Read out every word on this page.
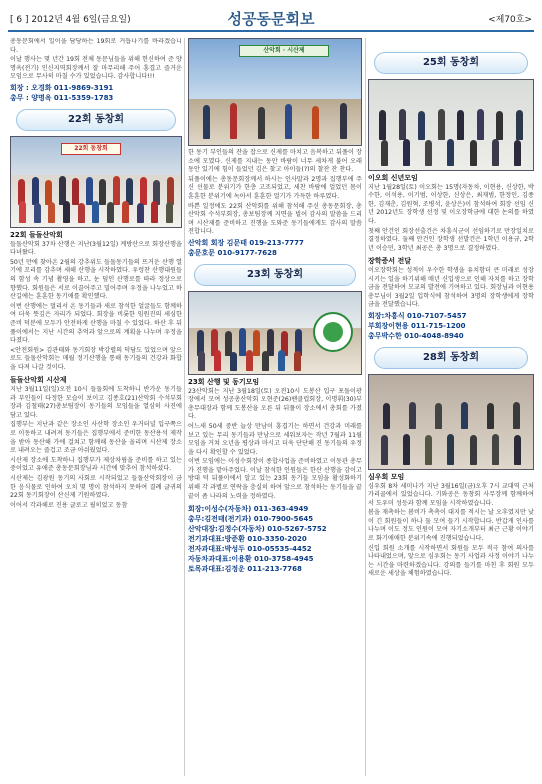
[ 6 ] 2012년 4월 6일(금요일)	성공동문회보	<제70호>

총동문회에서 일이을 담당하는 19회로 거듭나기를 바라겠습니다.

이날 행사는 몇 년간 19회 전체 동문님들을 위해 헌신하여 준 양명옥(전기) 인신지역회장께서 잘 마무리해 주어 흥겹고 즐거운 모임으로 무사히 마칠 수가 있었습니다. 감사합니다!!!

회장 : 오경화 011-9869-3191
총무 : 양명옥 011-5359-1783
22회 동창회
22회 동창회
22회 들돌산악회

들돌산악회 37차 산행은 지난(3월12일) 계방산으로 회장산행을 다녀왔다.

50년 만에 찾아온 2월의 강추위도 들돌동기들의 뜨거운 산행 열기에 꼬리를 감추며 새해 산행을 시작하였다. 우렁찬 산행대원들의 함성 속 기념 촬영을 하고, 눈 덮인 산행로를 따라 정상으로 향했다. 회원들은 서로 이끌어주고 밀어주며 우정을 나누었고 하산길에는 훈훈한 동기애를 확인했다.

이번 산행에는 멀리서 온 동기들과 새로 참석한 얼굴들도 함께하여 더욱 뜻깊은 자리가 되었다. 회장을 비롯한 임원진의 세심한 준비 덕분에 모두가 안전하게 산행을 마칠 수 있었다. 하산 후 뒤풀이에서는 지난 시간의 추억과 앞으로의 계획을 나누며 우정을 다졌다.

<안전회원> 김관태와 동기회장 박강렬의 덕담도 있었으며 앞으로도 들돌산악회는 매월 정기산행을 통해 동기들의 건강과 화합을 다져 나갈 것이다.

들돌산악회 시산제

지난 3월11일(일)오전 10시 들돌회에 도착하니 반가운 동기들과 부인들이 다정한 모습이 보이고 김종호(21)산악회 수석부회장과 김철태(27)총보팀장이 동기들의 모임들을 열심히 사진에 담고 있다.

집행부는 지난과 같은 장소인 사산학 장소인 우거터널 입구쪽으로 이동하고 내려져 동기들은 집행부에서 준비한 동산용석 제작을 받아 동산해 가에 걸쳐고 함께해 동산을 올리며 시산제 장소로 내려오는 즐겁고 조금 아쉬웠었다.

시산제 장소에 도착하니 집행부가 제상차림을 준비를 하고 있는 중이었고 유애준 총동문회장님과 시간에 맞추어 참석하셨다.

시산제는 김광원 동기의 사회로 시작되었고 들돌산악회장이 금한 음식물로 인하여 오치 몇 명이 참석하지 못하여 결례 글귀의 22회 동기회장이 산신제 기원하였다.

이어서 각과해로 진용 글로고 필히었고 동참

산악회 · 시산제

한 동기 부인들의 잔을 잡으로 신제를 마치고 음복하고 뒤풀이 장소에 모였다. 신제를 지내는 동안 바람이 너무 세차게 불어 오래동안 있기에 힘이 들었던 김은 찾고 아이들(?)의 찰잔 잔 찬다.

뒤풀이에는 총동문회장께서 하시는 인사말과 2명과 집행부에 주신 선물로 분위기가 한층 고조되었고, 세찬 바람에 얼었던 몸이 훈훈한 분위기에 녹아서 훈훈한 얼기가 가득한 하루였다.

바쁜 일정에도 22회 산악회를 위해 참석해 주신 총동문회장, 총산악회 수석부회장, 총보팀장께 지면을 빌어 감사의 말씀을 드리며 시산제를 준비하고 진행을 도와준 동기들에게도 감사의 말씀 전합니다.

산악회 회장 김문태 019-213-7777
총문호문 010-9177-7628
23회 동창회
23회 산행 및 동기모임

23산악회는 지난 3월18일(토) 오전10시 도봉산 입구 포돌이광장에서 모여 성공총산악회 오현준(26)팬클럽회장, 이명휘(30)부총무대장과 함께 도봉산을 오른 뒤 뒤풀이 장소에서 총회를 가졌다.

어느새 50세 중반 늘상 만남이 흥겹기는 하면서 건강과 미래를 보고 있는 무리 동기들과 만남으로 세워보자는 작년 7월과 11월 모임을 거쳐 오년을 평상과 마시고 더욱 단단해 진 동기들의 우정을 다시 확인할 수 있었다.

이번 모임에는 이성수회장이 종합사업을 준비하였고 이동관 총무가 진행을 맡아주었다. 이날 참석한 인원들은 한산 산행을 감이고 방대 덕 뒤풀이에서 알고 있는 23회 동기들 모임을 활성화하기 위해 각 과별로 연락을 충실히 하여 앞으로 참석하는 동기들을 끝끝이 좀 나라의 노력을 정하였다.

회장:이성수(자동차) 011-363-4949
총무:김전태(전기과) 010-7900-5645
산악대장:김정수(자동차) 010-5267-5752
전기과대표:방준환 010-3350-2020
전자과대표:박성두 010-05535-4452
자동차과대표:이용환 010-3758-4945
토목과대표:김정운 011-213-7768
25회 동창회
이오회 신년모임

지난 1월28일(토) 이오회는 15명(자동차, 이현용, 신상한, 박수한, 이석용, 이기범, 이상한, 신상은, 최재범, 한정인, 김종한, 김재춘, 김원혁, 조병석, 윤상은)이 참석하여 회장 선임 신년 2012년도 장학생 선정 및 이오장학금에 대한 논의를 하였다.

첫째 안건인 회장선출건은 차흥식군이 선임하기로 만장일치로 결정하였다. 둘째 안건인 장학생 선발건은 1학년 이용규, 2학년 이승민, 3학년 최공은 총 3명으로 결정하였다.

장학증서 전달

이오장학회는 성적이 우수한 학생을 유치함더 큰 미래로 성장시키는 일을 하기위해 매년 신입생으로 인해 자치를 하고 장학금을 전달하여 모교의 발전에 기여하고 있다. 회장님과 이현용 총무님이 3월2일 입학식에 참석하여 3명의 장학생에게 장학금을 전달했습니다.

회장:차흥식 010-7107-5457
부회장이현용 011-715-1200
총무박수한 010-4048-8940
28회 동창회
심우회 모임

심우회 8차 세미나가 지난 3월16일(금)오후 7시 교대역 근처 가리골에서 있었습니다. 기와공은 동창회 사무장께 함께하여서 도우미 성등과 함께 모임을 시작하였습니다.

봄을 재촉하는 봄비가 촉촉이 대지를 적시는 날 오후였지만 낮이 긴 회원들이 하나 둘 모여 들기 시작합니다. 반갑게 인사를 나누며 이도 정도 인원이 모여 자기소개부터 최근 근황 이야기로 화기애애한 분위기속에 진행되었습니다.

신입 회원 소개를 시작하면서 회원들 모두 적극 참여 의사를 나타내었으며, 앞으로 심우회는 동기 사업과 사정 이야기 나누는 시간을 마련하겠습니다. 강의를 들기를 마친 후 회원 모두 새로운 세상을 체험하였습니다.
